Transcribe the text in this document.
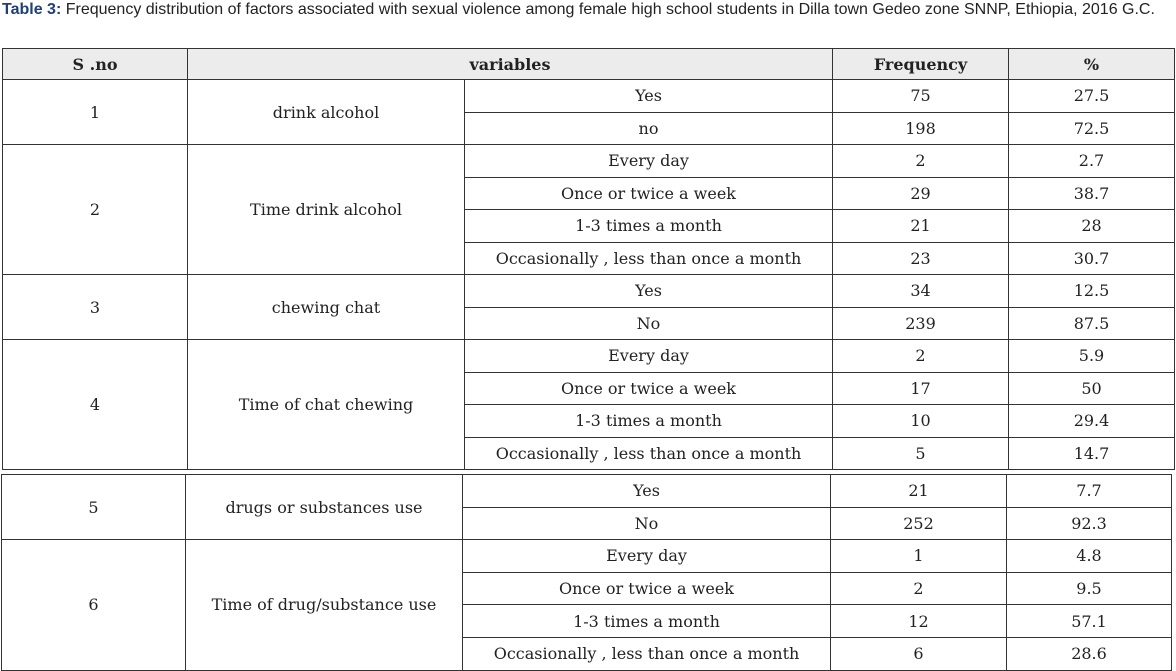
Table 3: Frequency distribution of factors associated with sexual violence among female high school students in Dilla town Gedeo zone SNNP, Ethiopia, 2016 G.C.
S .no	variables		Frequency	%
1	drink alcohol	Yes	75	27.5
		no	198	72.5
2	Time drink alcohol	Every day	2	2.7
		Once or twice a week	29	38.7
		1-3 times a month	21	28
		Occasionally , less than once a month	23	30.7
3	chewing chat	Yes	34	12.5
		No	239	87.5
4	Time of chat chewing	Every day	2	5.9
		Once or twice a week	17	50
		1-3 times a month	10	29.4
		Occasionally , less than once a month	5	14.7
5	drugs or substances use	Yes	21	7.7
		No	252	92.3
6	Time of drug/substance use	Every day	1	4.8
		Once or twice a week	2	9.5
		1-3 times a month	12	57.1
		Occasionally , less than once a month	6	28.6
